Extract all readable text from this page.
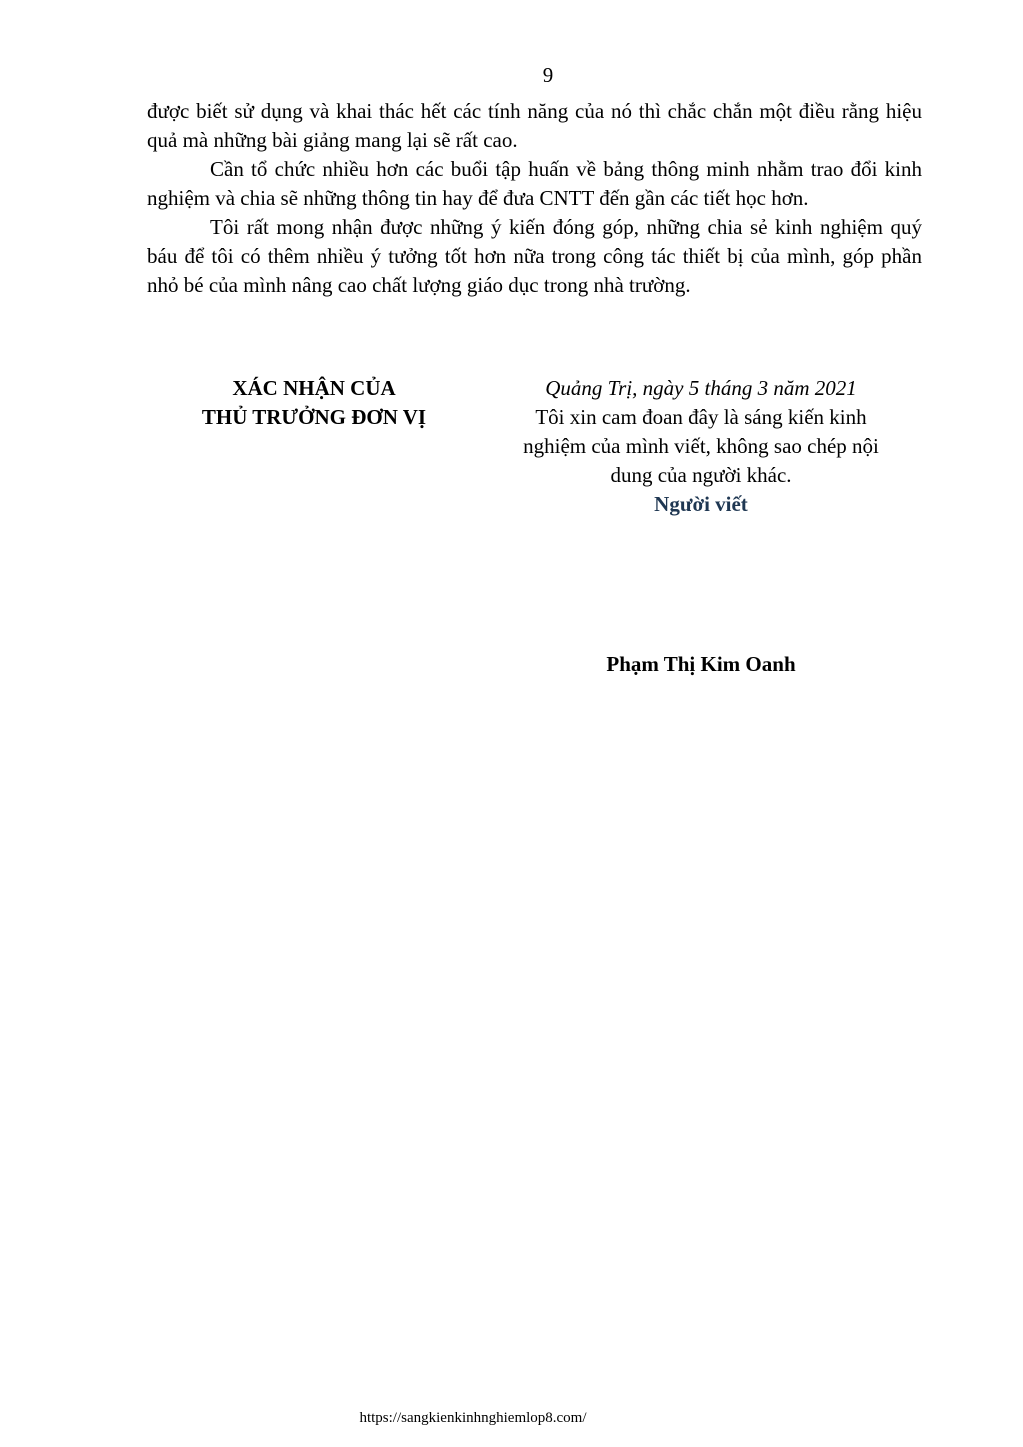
9

được biết sử dụng và khai thác hết các tính năng của nó thì chắc chắn một điều rằng hiệu quả mà những bài giảng mang lại sẽ rất cao.

Cần tổ chức nhiều hơn các buổi tập huấn về bảng thông minh nhằm trao đổi kinh nghiệm và chia sẽ những thông tin hay để đưa CNTT đến gần các tiết học hơn.

Tôi rất mong nhận được những ý kiến đóng góp, những chia sẻ kinh nghiệm quý báu để tôi có thêm nhiều ý tưởng tốt hơn nữa trong công tác thiết bị của mình, góp phần nhỏ bé của mình nâng cao chất lượng giáo dục trong nhà trường.

XÁC NHẬN CỦA
THỦ TRƯỞNG ĐƠN VỊ
Quảng Trị, ngày 5 tháng 3 năm 2021
Tôi xin cam đoan đây là sáng kiến kinh
nghiệm của mình viết, không sao chép nội
dung của người khác.
Người viết
Phạm Thị Kim Oanh
https://sangkienkinhnghiemlop8.com/
